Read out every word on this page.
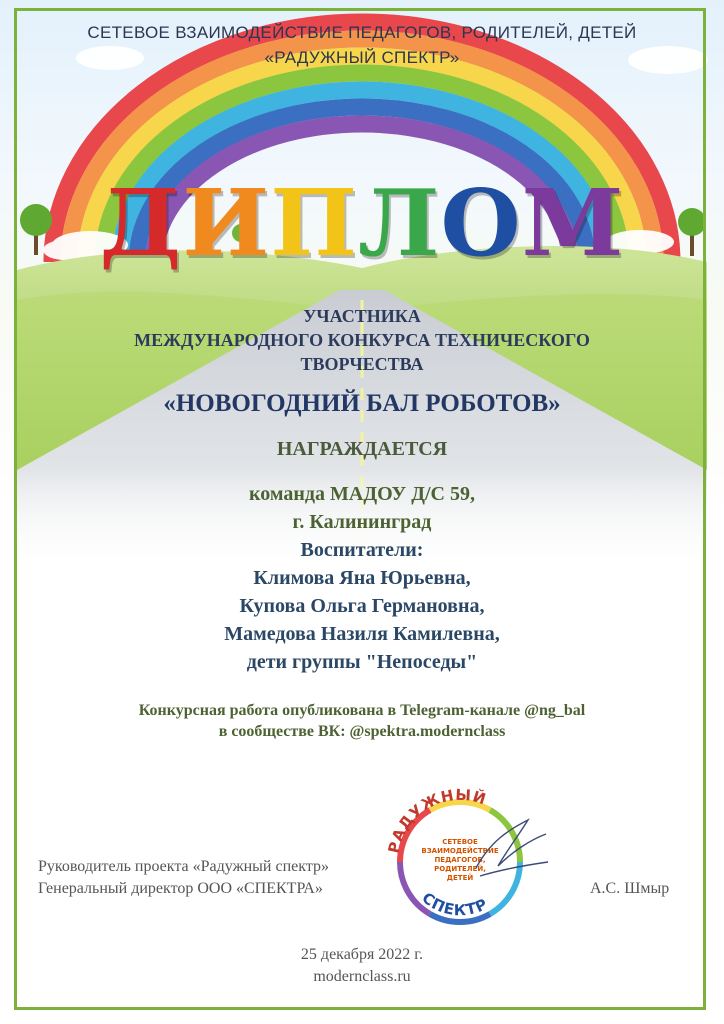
СЕТЕВОЕ ВЗАИМОДЕЙСТВИЕ ПЕДАГОГОВ, РОДИТЕЛЕЙ, ДЕТЕЙ
«РАДУЖНЫЙ СПЕКТР»
ДИПЛОМ
УЧАСТНИКА
МЕЖДУНАРОДНОГО КОНКУРСА ТЕХНИЧЕСКОГО
ТВОРЧЕСТВА
«НОВОГОДНИЙ БАЛ РОБОТОВ»
НАГРАЖДАЕТСЯ
команда МАДОУ Д/С 59,
г. Калининград
Воспитатели:
Климова Яна Юрьевна,
Купова Ольга Германовна,
Мамедова Назиля Камилевна,
дети группы "Непоседы"
Конкурсная работа опубликована в Telegram-канале @ng_bal
в сообществе ВК: @spektra.modernclass
Руководитель проекта «Радужный спектр»
Генеральный директор ООО «СПЕКТРА»	А.С. Шмыр
РАДУЖНЫЙ
СПЕКТР
СЕТЕВОЕ
ВЗАИМОДЕЙСТВИЕ
ПЕДАГОГОВ,
РОДИТЕЛЕЙ,
ДЕТЕЙ
25 декабря 2022 г.
modernclass.ru
